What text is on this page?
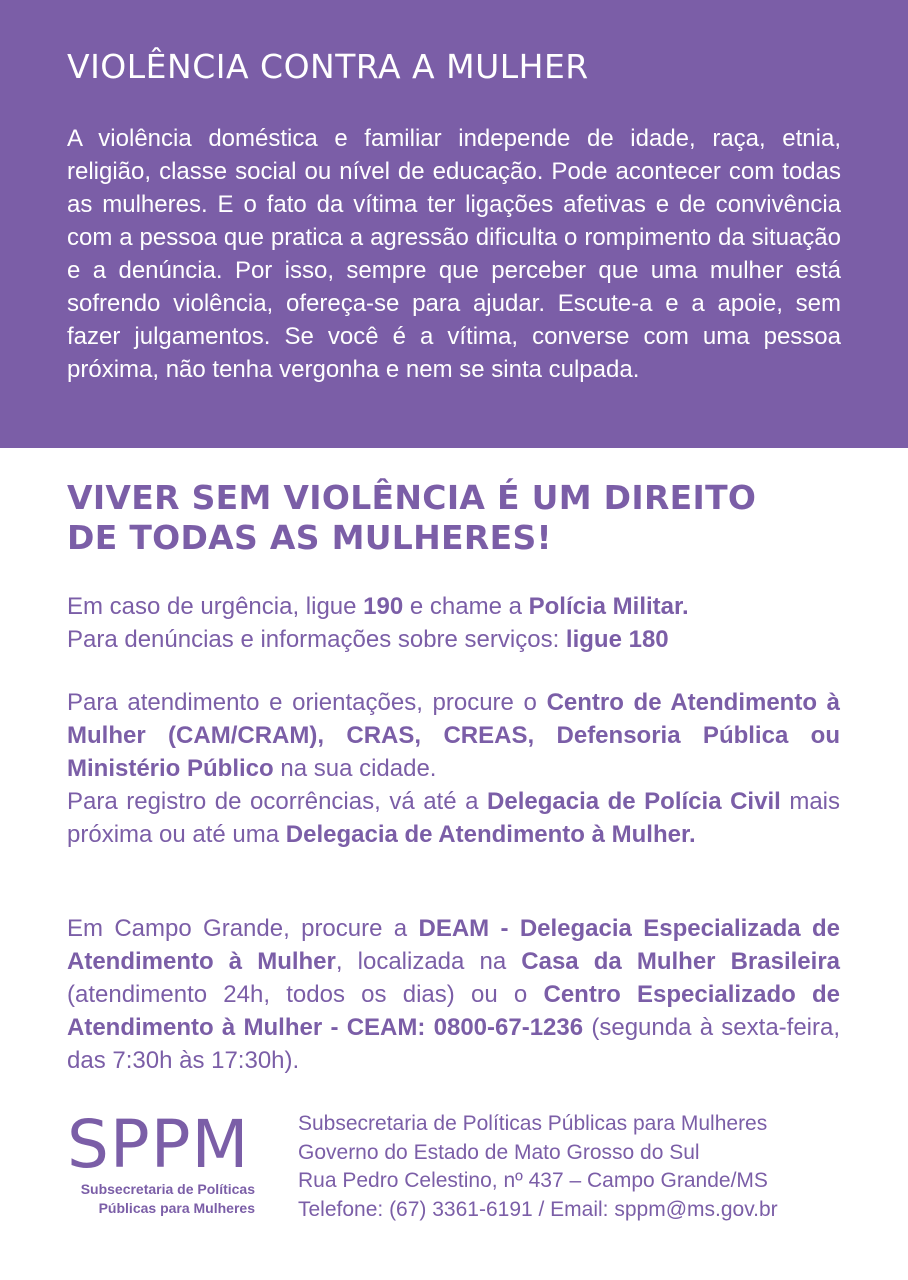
VIOLÊNCIA CONTRA A MULHER

A violência doméstica e familiar independe de idade, raça, etnia, religião, classe social ou nível de educação. Pode acontecer com todas as mulheres. E o fato da vítima ter ligações afetivas e de convivência com a pessoa que pratica a agressão dificulta o rompimento da situação e a denúncia. Por isso, sempre que perceber que uma mulher está sofrendo violência, ofereça-se para ajudar. Escute-a e a apoie, sem fazer julgamentos. Se você é a vítima, converse com uma pessoa próxima, não tenha vergonha e nem se sinta culpada.

VIVER SEM VIOLÊNCIA É UM DIREITO
DE TODAS AS MULHERES!

Em caso de urgência, ligue 190 e chame a Polícia Militar.
Para denúncias e informações sobre serviços: ligue 180

Para atendimento e orientações, procure o Centro de Atendimento à Mulher (CAM/CRAM), CRAS, CREAS, Defensoria Pública ou Ministério Público na sua cidade.
Para registro de ocorrências, vá até a Delegacia de Polícia Civil mais próxima ou até uma Delegacia de Atendimento à Mulher.

Em Campo Grande, procure a DEAM - Delegacia Especializada de Atendimento à Mulher, localizada na Casa da Mulher Brasileira (atendimento 24h, todos os dias) ou o Centro Especializado de Atendimento à Mulher - CEAM: 0800-67-1236 (segunda à sexta-feira, das 7:30h às 17:30h).

SPPM
Subsecretaria de Políticas
Públicas para Mulheres
Subsecretaria de Políticas Públicas para Mulheres
Governo do Estado de Mato Grosso do Sul
Rua Pedro Celestino, nº 437 – Campo Grande/MS
Telefone: (67) 3361-6191 / Email: sppm@ms.gov.br
